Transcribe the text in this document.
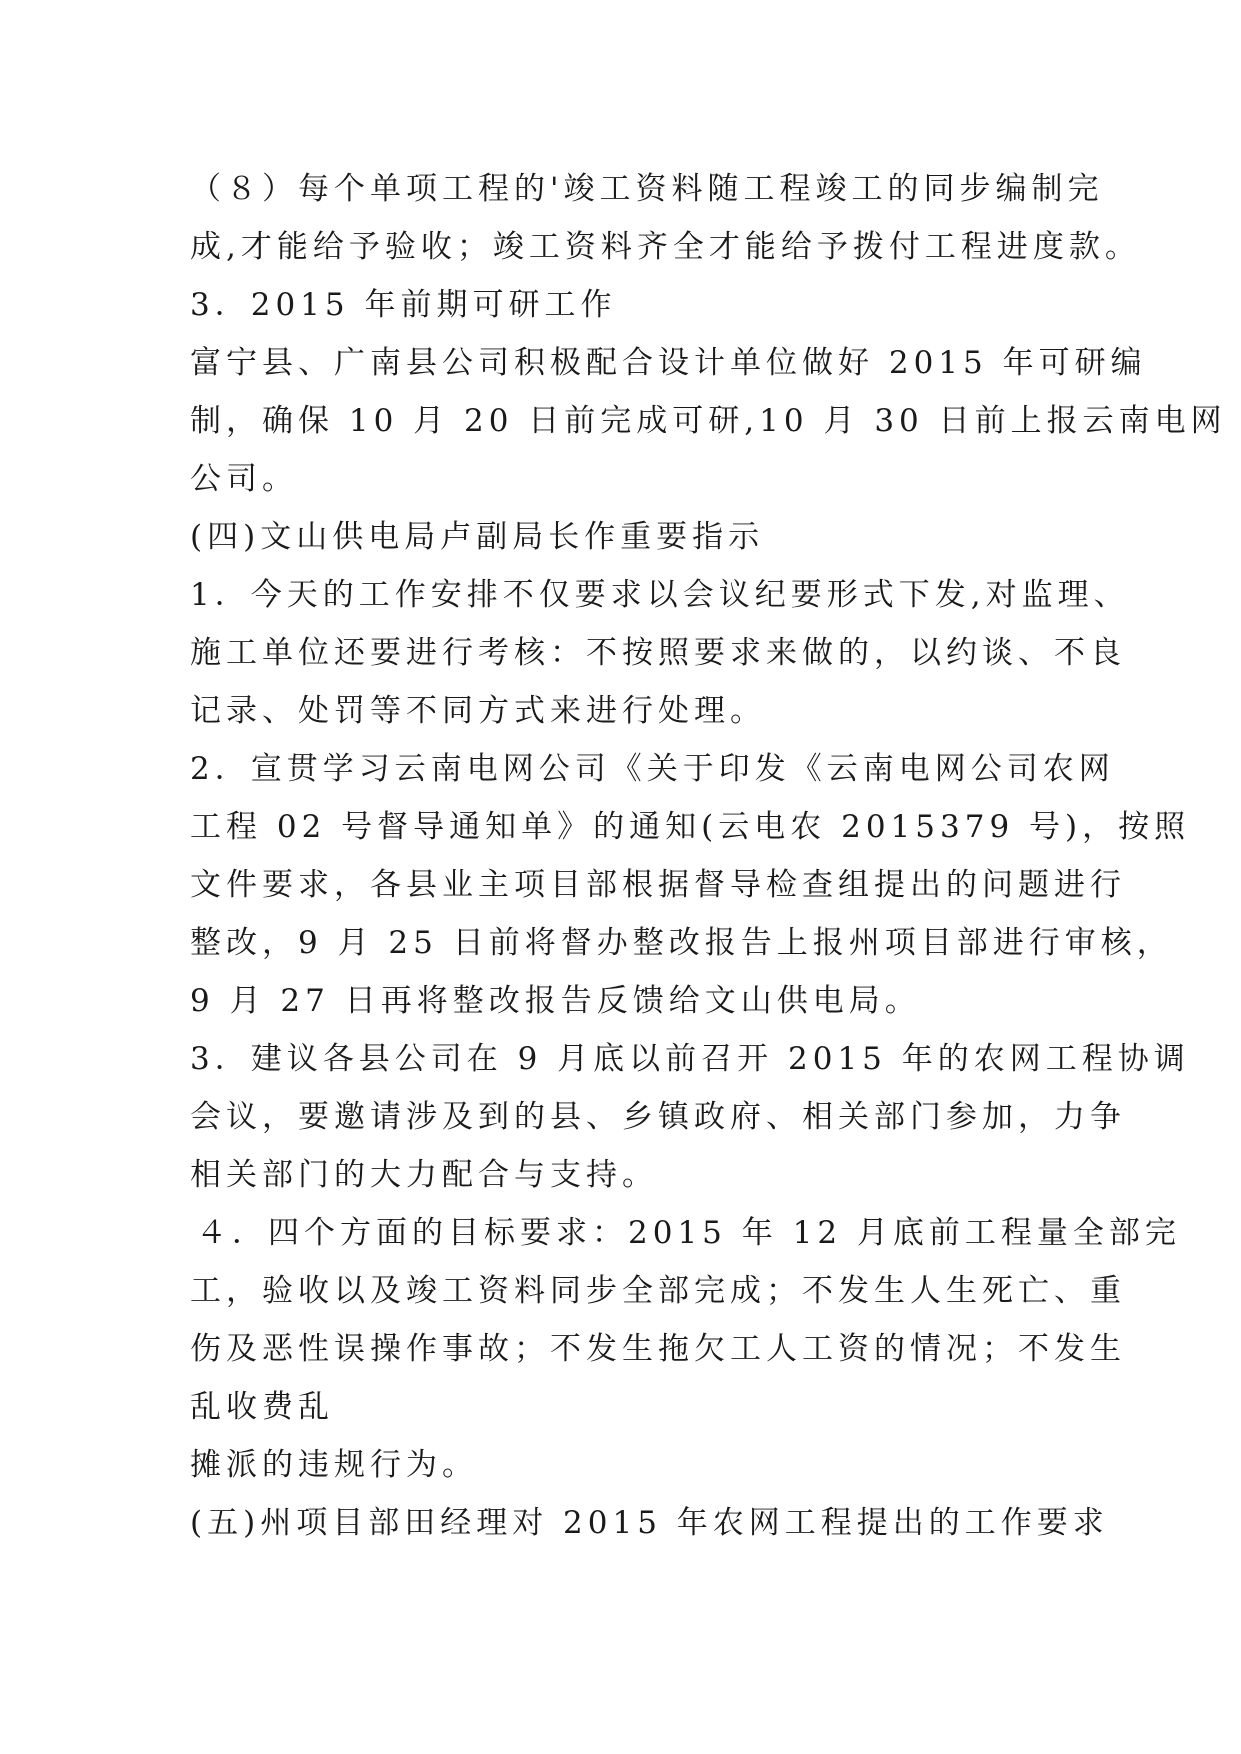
（８）每个单项工程的'竣工资料随工程竣工的同步编制完
成,才能给予验收；竣工资料齐全才能给予拨付工程进度款。
3．2015 年前期可研工作
富宁县、广南县公司积极配合设计单位做好 2015 年可研编
制，确保 10 月 20 日前完成可研,10 月 30 日前上报云南电网
公司。
(四)文山供电局卢副局长作重要指示
1．今天的工作安排不仅要求以会议纪要形式下发,对监理、
施工单位还要进行考核：不按照要求来做的，以约谈、不良
记录、处罚等不同方式来进行处理。
2．宣贯学习云南电网公司《关于印发《云南电网公司农网
工程 02 号督导通知单》的通知(云电农 2015379 号)，按照
文件要求，各县业主项目部根据督导检查组提出的问题进行
整改，9 月 25 日前将督办整改报告上报州项目部进行审核，
9 月 27 日再将整改报告反馈给文山供电局。
3．建议各县公司在 9 月底以前召开 2015 年的农网工程协调
会议，要邀请涉及到的县、乡镇政府、相关部门参加，力争
相关部门的大力配合与支持。
４．四个方面的目标要求：2015 年 12 月底前工程量全部完
工，验收以及竣工资料同步全部完成；不发生人生死亡、重
伤及恶性误操作事故；不发生拖欠工人工资的情况；不发生
乱收费乱
摊派的违规行为。
(五)州项目部田经理对 2015 年农网工程提出的工作要求
